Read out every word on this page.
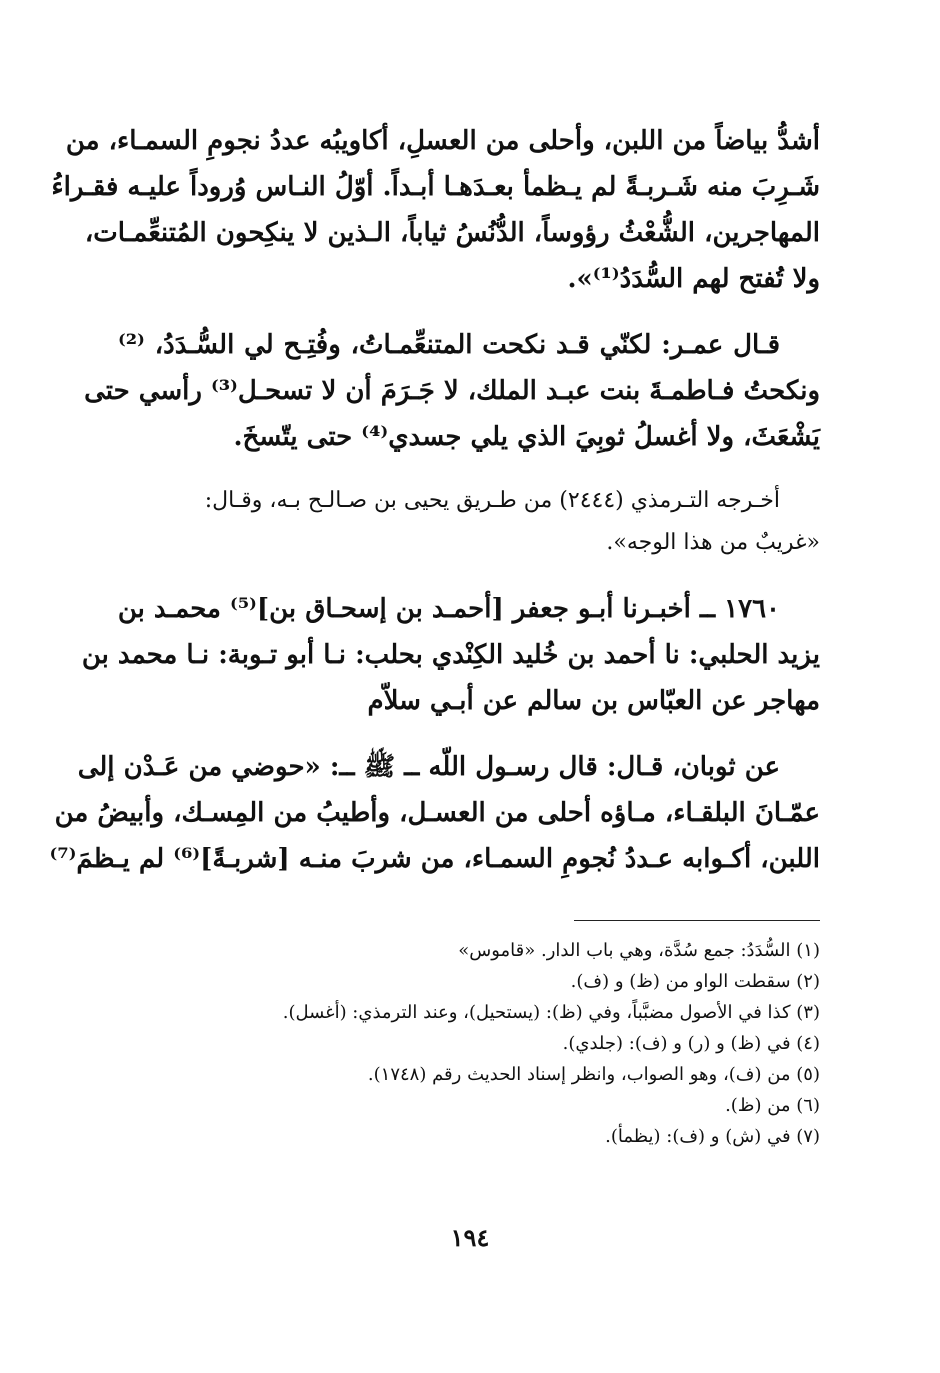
أشدُّ بياضاً من اللبن، وأحلى من العسلِ، أكاويبُه عددُ نجومِ السمـاء، من
شَـرِبَ منه شَـربـةً لم يـظمأ بعـدَهـا أبـداً. أوّلُ النـاس وُروداً عليـه فقـراءُ
المهاجرين، الشُّعْثُ رؤوساً، الدُّنُسُ ثياباً، الـذين لا ينكِحون المُتنعِّمـات،
ولا تُفتح لهم السُّدَدُ⁽¹⁾».
قـال عمـر: لكنّي قـد نكحت المتنعِّمـاتُ، وفُتِـح لي السُّـدَدُ، ⁽²⁾
ونكحتُ فـاطمـةَ بنت عبـد الملك، لا جَـرَمَ أن لا تسحـل⁽³⁾ رأسي حتى
يَشْعَثَ، ولا أغسلُ ثوبِيَ الذي يلي جسدي⁽⁴⁾ حتى يتّسخَ.
أخـرجه التـرمذي (٢٤٤٤) من طـريق يحيى بن صـالـح بـه، وقـال:
«غريبٌ من هذا الوجه».
١٧٦٠ ــ أخبـرنا أبـو جعفر [أحمـد بن إسحـاق بن]⁽⁵⁾ محمـد بن
يزيد الحلبي: نا أحمد بن خُليد الكِنْدي بحلب: نـا أبو تـوبة: نـا محمد بن
مهاجر عن العبّاس بن سالم عن أبـي سلاّم
عن ثوبان، قـال: قال رسـول اللّه ــ ﷺ ــ: «حوضي من عَـدْن إلى
عمّـانَ البلقـاء، مـاؤه أحلى من العسـل، وأطيبُ من المِسـك، وأبيضُ من
اللبن، أكـوابه عـددُ نُجومِ السمـاء، من شربَ منـه [شربـةً]⁽⁶⁾ لم يـظمَ⁽⁷⁾
(١) السُّدَدُ: جمع سُدَّة، وهي باب الدار. «قاموس»
(٢) سقطت الواو من (ظ) و (ف).
(٣) كذا في الأصول مضبَّباً، وفي (ظ): (يستحيل)، وعند الترمذي: (أغسل).
(٤) في (ظ) و (ر) و (ف): (جلدي).
(٥) من (ف)، وهو الصواب، وانظر إسناد الحديث رقم (١٧٤٨).
(٦) من (ظ).
(٧) في (ش) و (ف): (يظمأ).
١٩٤
